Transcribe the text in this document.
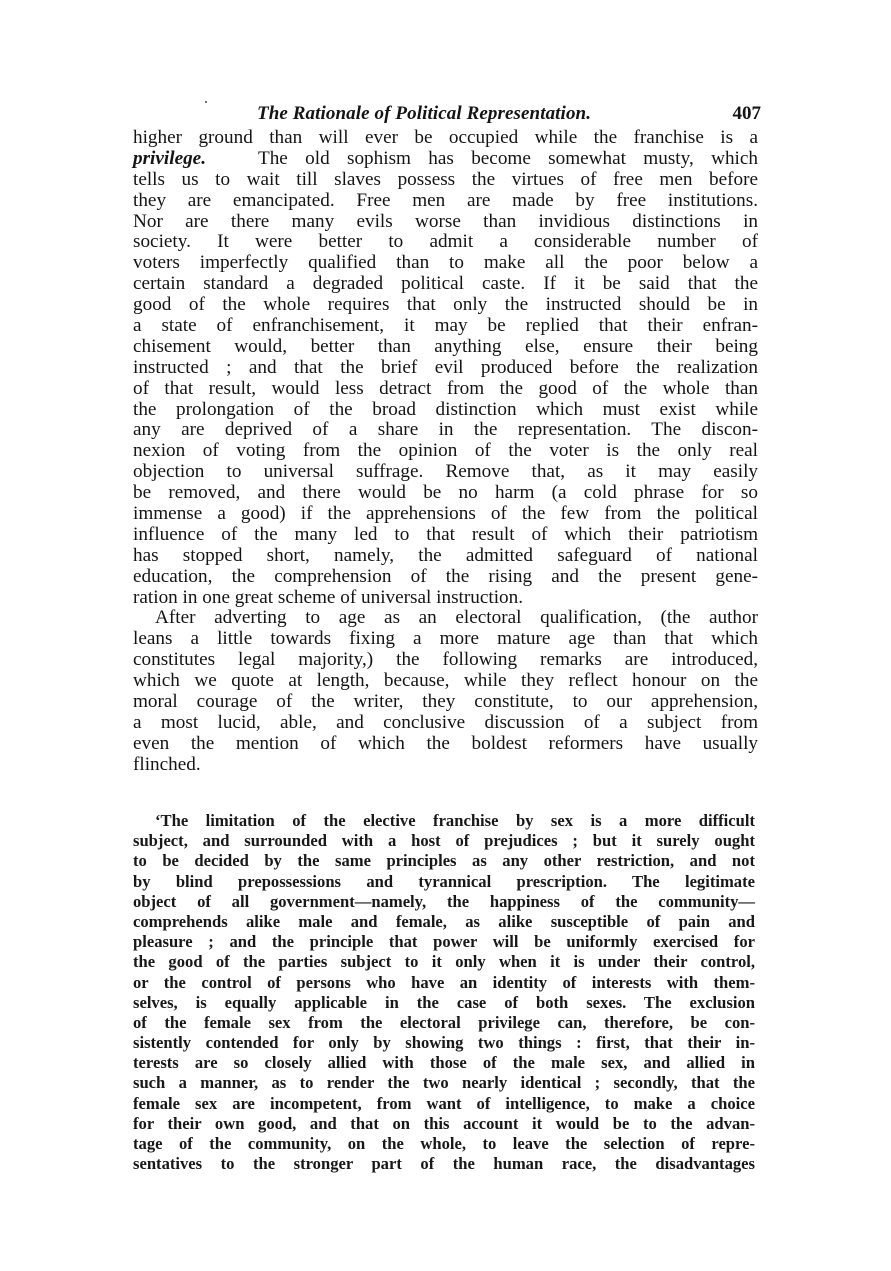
The Rationale of Political Representation.	407
higher ground than will ever be occupied while the franchise is a
privilege.	The old sophism has become somewhat musty, which
tells us to wait till slaves possess the virtues of free men before
they are emancipated. Free men are made by free institutions.
Nor are there many evils worse than invidious distinctions in
society. It were better to admit a considerable number of
voters imperfectly qualified than to make all the poor below a
certain standard a degraded political caste. If it be said that the
good of the whole requires that only the instructed should be in
a state of enfranchisement, it may be replied that their enfran-
chisement would, better than anything else, ensure their being
instructed ; and that the brief evil produced before the realization
of that result, would less detract from the good of the whole than
the prolongation of the broad distinction which must exist while
any are deprived of a share in the representation. The discon-
nexion of voting from the opinion of the voter is the only real
objection to universal suffrage. Remove that, as it may easily
be removed, and there would be no harm (a cold phrase for so
immense a good) if the apprehensions of the few from the political
influence of the many led to that result of which their patriotism
has stopped short, namely, the admitted safeguard of national
education, the comprehension of the rising and the present gene-
ration in one great scheme of universal instruction.
After adverting to age as an electoral qualification, (the author
leans a little towards fixing a more mature age than that which
constitutes legal majority,) the following remarks are introduced,
which we quote at length, because, while they reflect honour on the
moral courage of the writer, they constitute, to our apprehension,
a most lucid, able, and conclusive discussion of a subject from
even the mention of which the boldest reformers have usually
flinched.
‘The limitation of the elective franchise by sex is a more difficult
subject, and surrounded with a host of prejudices ; but it surely ought
to be decided by the same principles as any other restriction, and not
by blind prepossessions and tyrannical prescription. The legitimate
object of all government—namely, the happiness of the community—
comprehends alike male and female, as alike susceptible of pain and
pleasure ; and the principle that power will be uniformly exercised for
the good of the parties subject to it only when it is under their control,
or the control of persons who have an identity of interests with them-
selves, is equally applicable in the case of both sexes. The exclusion
of the female sex from the electoral privilege can, therefore, be con-
sistently contended for only by showing two things : first, that their in-
terests are so closely allied with those of the male sex, and allied in
such a manner, as to render the two nearly identical ; secondly, that the
female sex are incompetent, from want of intelligence, to make a choice
for their own good, and that on this account it would be to the advan-
tage of the community, on the whole, to leave the selection of repre-
sentatives to the stronger part of the human race, the disadvantages
